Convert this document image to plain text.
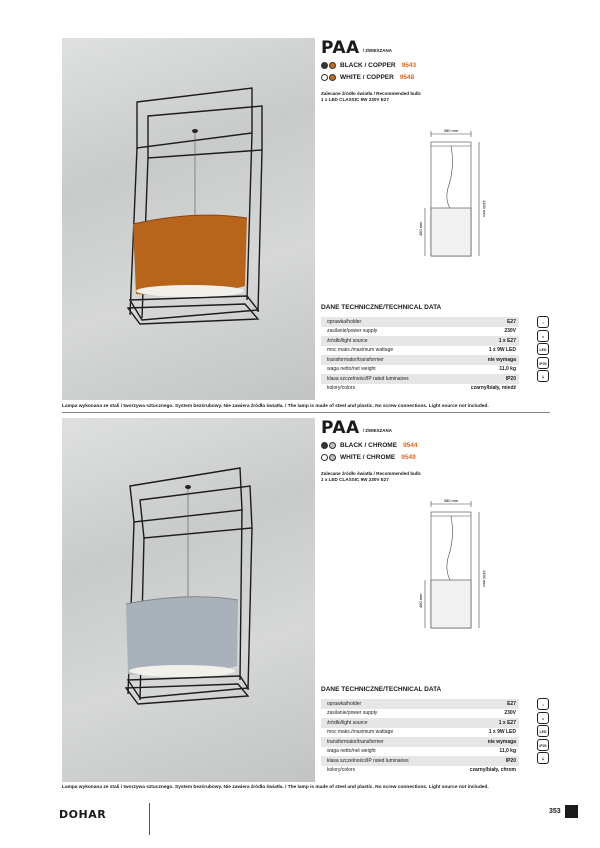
PAA / ZWIESZANA
BLACK / COPPER 9543
WHITE / COPPER 9548
Zalecane źródło światła / Recommended bulb:
1 x LED CLASSIC 9W 230V E27
380 mm
1450 mm
480 mm
DANE TECHNICZNE/TECHNICAL DATA
oprawka/holder	E27
zasilanie/power supply	230V
źródło/light source	1 x E27
moc maks./maximum wattage	1 x 9W LED
transformator/transformer	nie wymaga
waga netto/net weight	11,0 kg
klasa szczelności/IP rated luminaires	IP20
kolory/colors	czarny/biały, miedź
⌂
♦
LED
IP20
⏚
Lampa wykonana ze stali i tworzywa sztucznego. System bezśrubowy. Nie zawiera źródła światła. / The lamp is made of steel and plastic. No screw connections. Light source not included.
PAA / ZWIESZANA
BLACK / CHROME 9544
WHITE / CHROME 9549
Zalecane źródło światła / Recommended bulb:
1 x LED CLASSIC 9W 230V E27
380 mm
1450 mm
480 mm
DANE TECHNICZNE/TECHNICAL DATA
oprawka/holder	E27
zasilanie/power supply	230V
źródło/light source	1 x E27
moc maks./maximum wattage	1 x 9W LED
transformator/transformer	nie wymaga
waga netto/net weight	11,0 kg
klasa szczelności/IP rated luminaires	IP20
kolory/colors	czarny/biały, chrom
⌂
♦
LED
IP20
⏚
Lampa wykonana ze stali i tworzywa sztucznego. System bezśrubowy. Nie zawiera źródła światła. / The lamp is made of steel and plastic. No screw connections. Light source not included.
DOHAR	353
